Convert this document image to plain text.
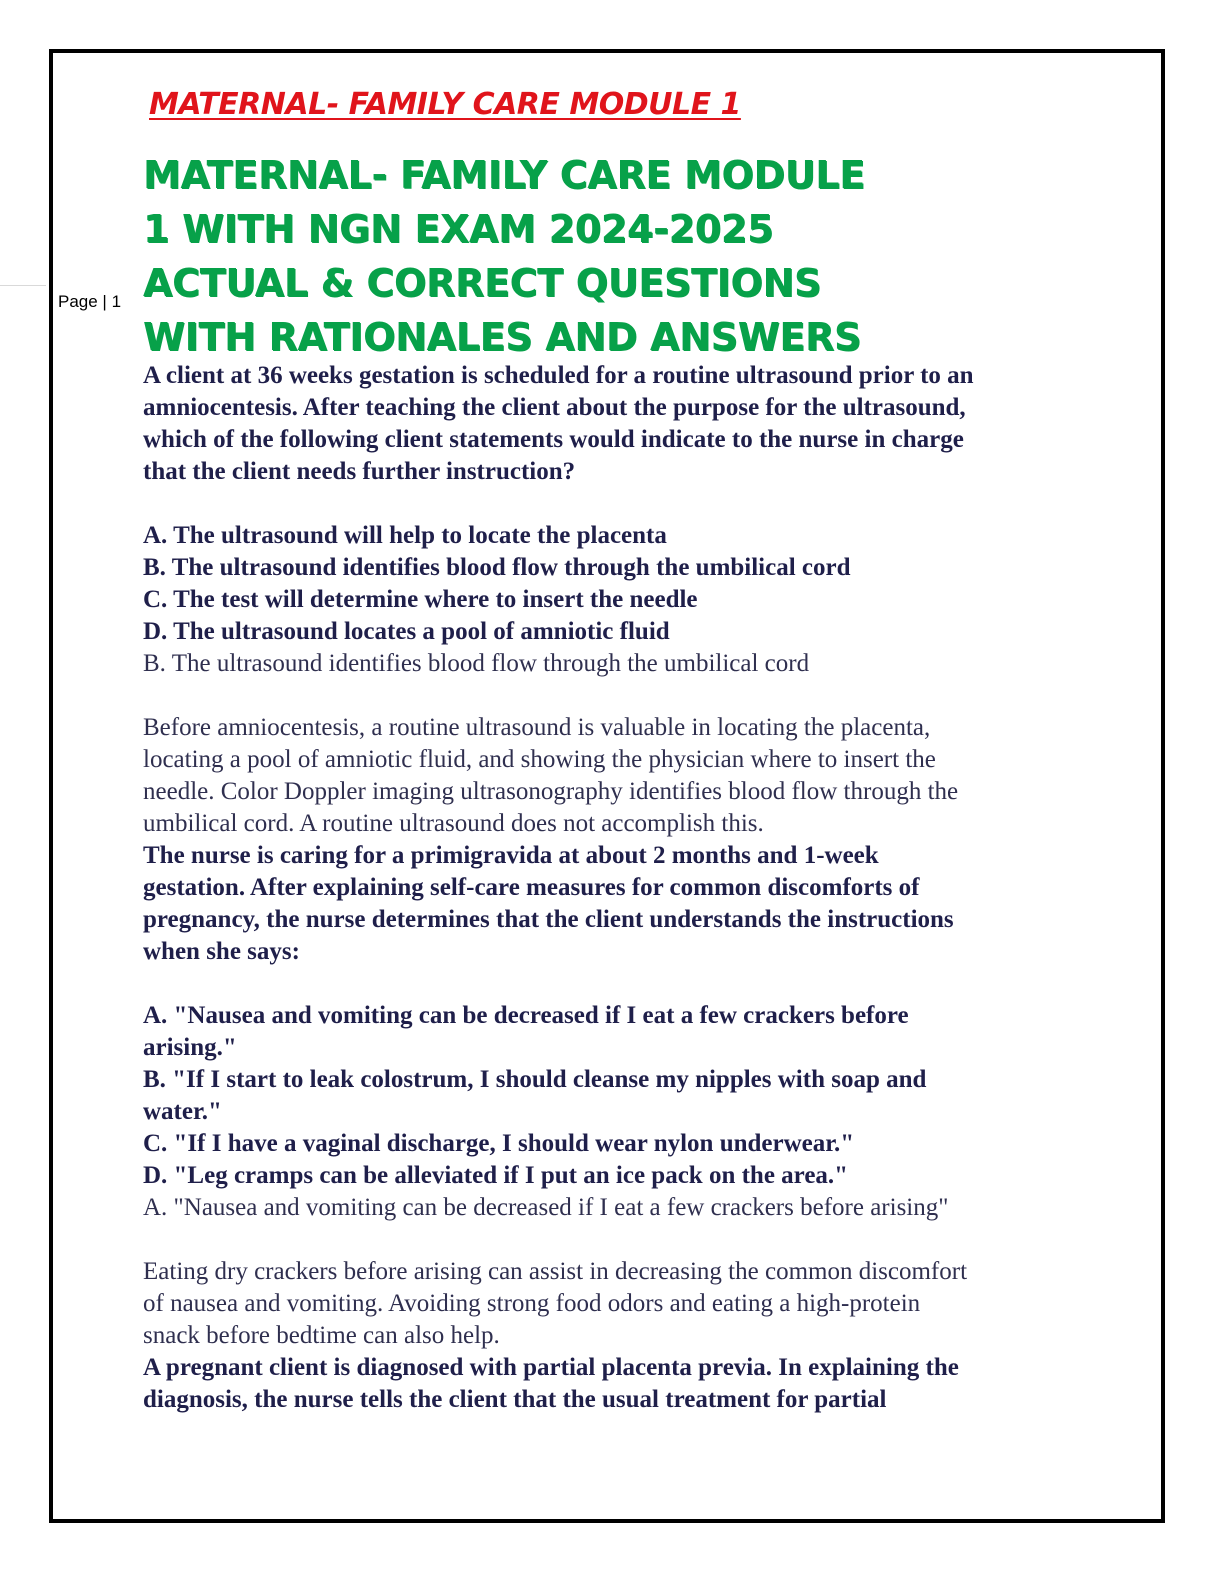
Page | 1
MATERNAL- FAMILY CARE MODULE 1
MATERNAL- FAMILY CARE MODULE
1 WITH NGN EXAM 2024-2025
ACTUAL & CORRECT QUESTIONS
WITH RATIONALES AND ANSWERS
A client at 36 weeks gestation is scheduled for a routine ultrasound prior to an
amniocentesis. After teaching the client about the purpose for the ultrasound,
which of the following client statements would indicate to the nurse in charge
that the client needs further instruction?
A. The ultrasound will help to locate the placenta
B. The ultrasound identifies blood flow through the umbilical cord
C. The test will determine where to insert the needle
D. The ultrasound locates a pool of amniotic fluid
B. The ultrasound identifies blood flow through the umbilical cord
Before amniocentesis, a routine ultrasound is valuable in locating the placenta,
locating a pool of amniotic fluid, and showing the physician where to insert the
needle. Color Doppler imaging ultrasonography identifies blood flow through the
umbilical cord. A routine ultrasound does not accomplish this.
The nurse is caring for a primigravida at about 2 months and 1-week
gestation. After explaining self-care measures for common discomforts of
pregnancy, the nurse determines that the client understands the instructions
when she says:
A. "Nausea and vomiting can be decreased if I eat a few crackers before
arising."
B. "If I start to leak colostrum, I should cleanse my nipples with soap and
water."
C. "If I have a vaginal discharge, I should wear nylon underwear."
D. "Leg cramps can be alleviated if I put an ice pack on the area."
A. "Nausea and vomiting can be decreased if I eat a few crackers before arising"
Eating dry crackers before arising can assist in decreasing the common discomfort
of nausea and vomiting. Avoiding strong food odors and eating a high-protein
snack before bedtime can also help.
A pregnant client is diagnosed with partial placenta previa. In explaining the
diagnosis, the nurse tells the client that the usual treatment for partial
